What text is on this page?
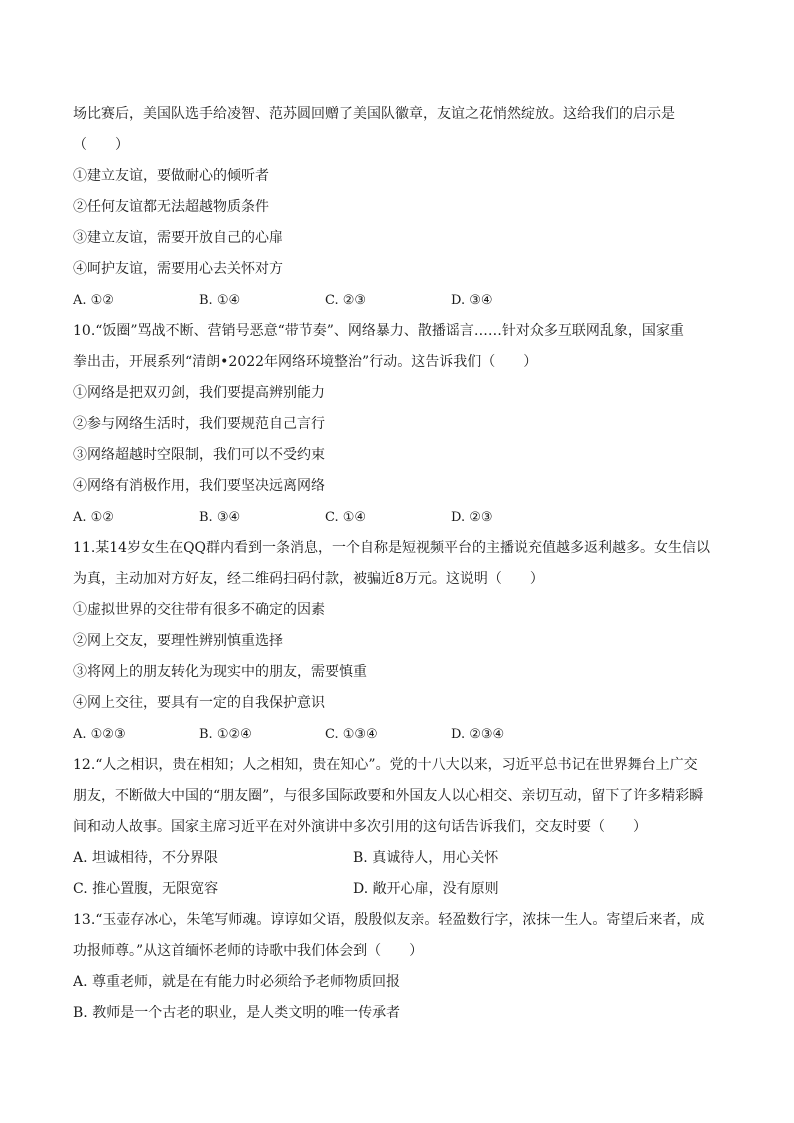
场比赛后，美国队选手给凌智、范苏圆回赠了美国队徽章，友谊之花悄然绽放。这给我们的启示是
（　　）
①建立友谊，要做耐心的倾听者
②任何友谊都无法超越物质条件
③建立友谊，需要开放自己的心扉
④呵护友谊，需要用心去关怀对方
A. ①②	B. ①④	C. ②③	D. ③④
10.“饭圈”骂战不断、营销号恶意“带节奏”、网络暴力、散播谣言……针对众多互联网乱象，国家重
拳出击，开展系列“清朗•2022年网络环境整治”行动。这告诉我们（　　）
①网络是把双刃剑，我们要提高辨别能力
②参与网络生活时，我们要规范自己言行
③网络超越时空限制，我们可以不受约束
④网络有消极作用，我们要坚决远离网络
A. ①②	B. ③④	C. ①④	D. ②③
11.某14岁女生在QQ群内看到一条消息，一个自称是短视频平台的主播说充值越多返利越多。女生信以
为真，主动加对方好友，经二维码扫码付款，被骗近8万元。这说明（　　）
①虚拟世界的交往带有很多不确定的因素
②网上交友，要理性辨别慎重选择
③将网上的朋友转化为现实中的朋友，需要慎重
④网上交往，要具有一定的自我保护意识
A. ①②③	B. ①②④	C. ①③④	D. ②③④
12.“人之相识，贵在相知；人之相知，贵在知心”。党的十八大以来，习近平总书记在世界舞台上广交
朋友，不断做大中国的“朋友圈”，与很多国际政要和外国友人以心相交、亲切互动，留下了许多精彩瞬
间和动人故事。国家主席习近平在对外演讲中多次引用的这句话告诉我们，交友时要（　　）
A. 坦诚相待，不分界限	B. 真诚待人，用心关怀
C. 推心置腹，无限宽容	D. 敞开心扉，没有原则
13.“玉壶存冰心，朱笔写师魂。谆谆如父语，殷殷似友亲。轻盈数行字，浓抹一生人。寄望后来者，成
功报师尊。”从这首缅怀老师的诗歌中我们体会到（　　）
A. 尊重老师，就是在有能力时必须给予老师物质回报
B. 教师是一个古老的职业，是人类文明的唯一传承者
